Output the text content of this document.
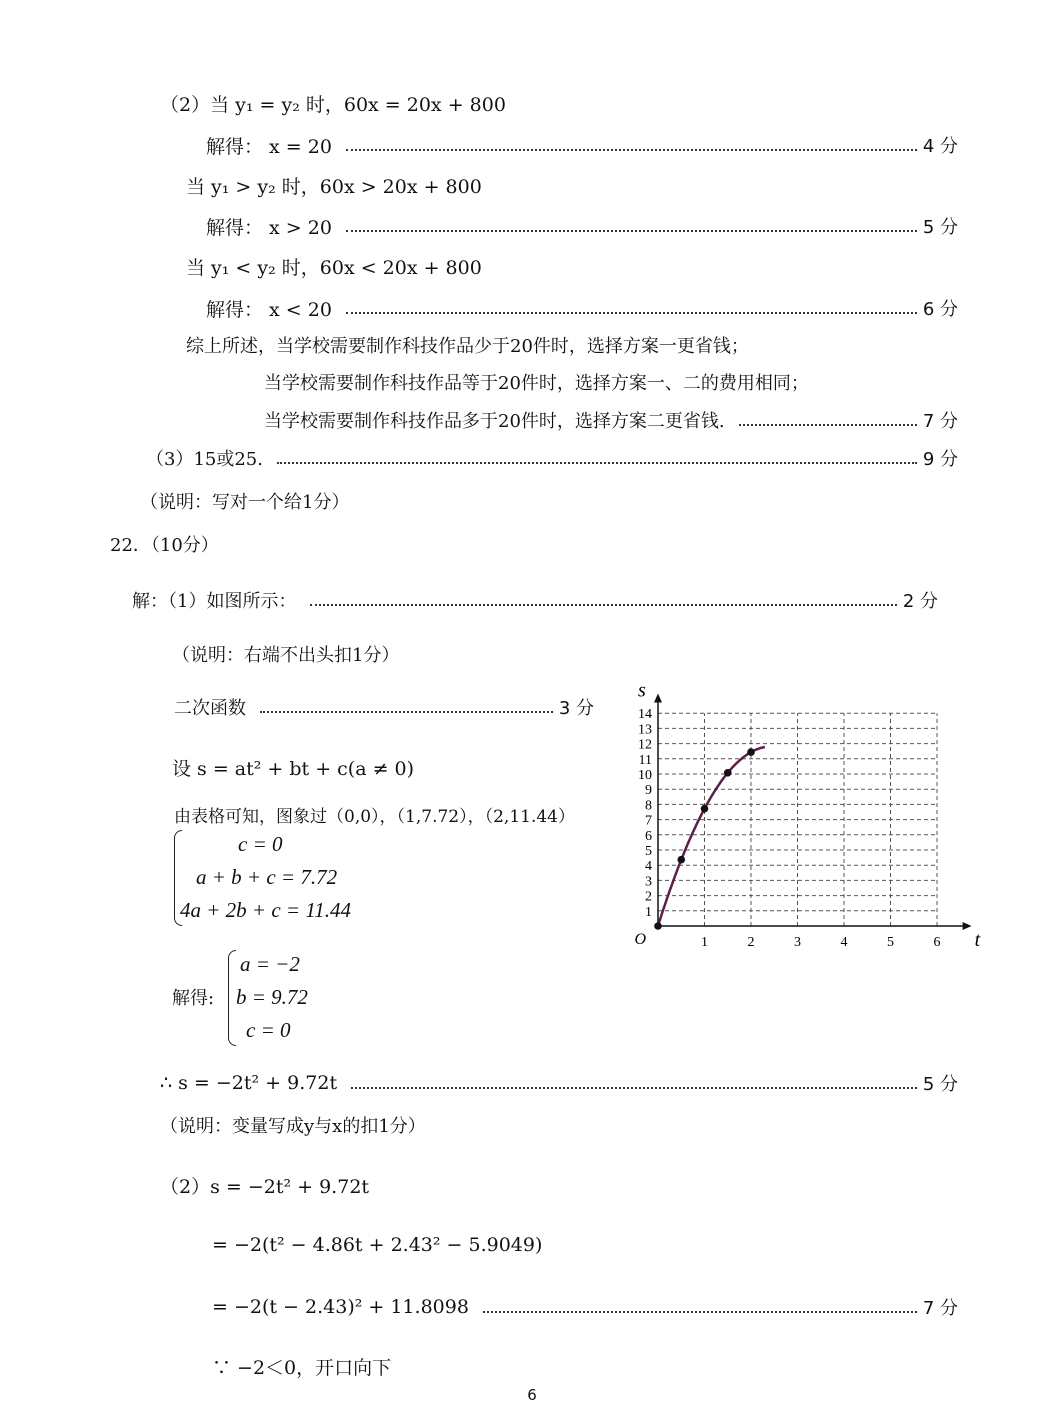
（2）当 y₁ = y₂ 时，60x = 20x + 800
解得： x = 20	4 分
当 y₁ > y₂ 时，60x > 20x + 800
解得： x > 20	5 分
当 y₁ < y₂ 时，60x < 20x + 800
解得： x < 20	6 分
综上所述，当学校需要制作科技作品少于20件时，选择方案一更省钱；
当学校需要制作科技作品等于20件时，选择方案一、二的费用相同；
当学校需要制作科技作品多于20件时，选择方案二更省钱.	7 分
（3）15或25.	9 分
（说明：写对一个给1分）
22．（10分）
解：（1）如图所示：	2 分
（说明：右端不出头扣1分）
二次函数	3 分
设 s = at² + bt + c(a ≠ 0)
由表格可知，图象过（0,0），（1,7.72），（2,11.44）
c = 0
a + b + c = 7.72
4a + 2b + c = 11.44
解得:
a = −2
b = 9.72
c = 0
∴ s = −2t² + 9.72t	5 分
（说明：变量写成y与x的扣1分）
（2）s = −2t² + 9.72t
= −2(t² − 4.86t + 2.43² − 5.9049)
= −2(t − 2.43)² + 11.8098	7 分
∵ −2＜0，开口向下
1	2	3	4	5	6
1
2
3
4
5
6
7
8
9
10
11
12
13
14
O	t
s
6
